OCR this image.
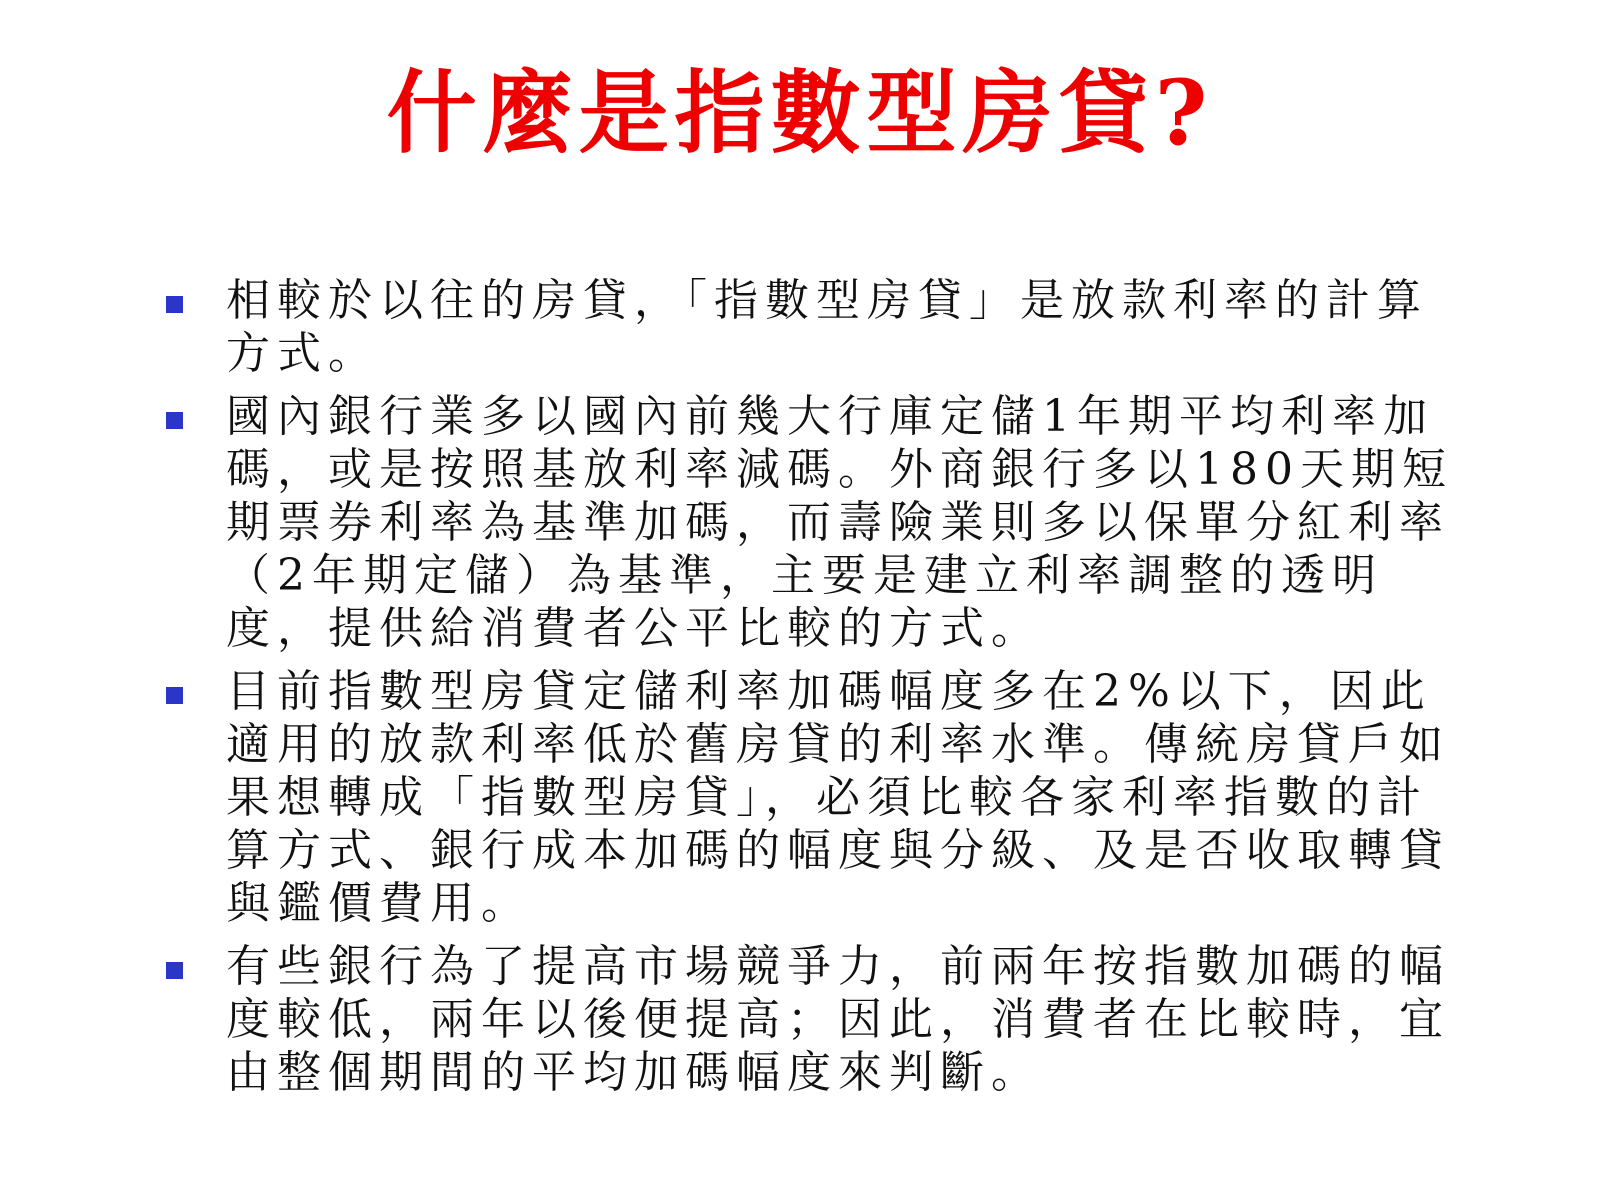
什麼是指數型房貸?
相較於以往的房貸，「指數型房貸」是放款利率的計算方式。
國內銀行業多以國內前幾大行庫定儲1年期平均利率加碼，或是按照基放利率減碼。外商銀行多以180天期短期票券利率為基準加碼，而壽險業則多以保單分紅利率（2年期定儲）為基準，主要是建立利率調整的透明度，提供給消費者公平比較的方式。
目前指數型房貸定儲利率加碼幅度多在2%以下，因此適用的放款利率低於舊房貸的利率水準。傳統房貸戶如果想轉成「指數型房貸」，必須比較各家利率指數的計算方式、銀行成本加碼的幅度與分級、及是否收取轉貸與鑑價費用。
有些銀行為了提高市場競爭力，前兩年按指數加碼的幅度較低，兩年以後便提高；因此，消費者在比較時，宜由整個期間的平均加碼幅度來判斷。
